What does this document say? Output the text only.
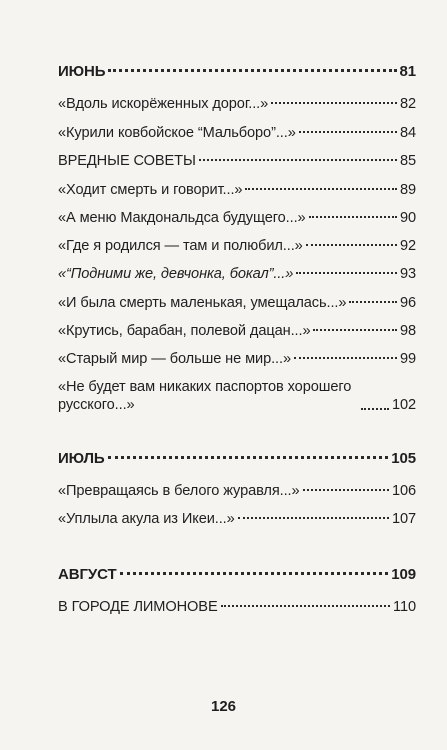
ИЮНЬ	81
«Вдоль искорёженных дорог...»	82
«Курили ковбойское “Мальборо”...»	84
ВРЕДНЫЕ СОВЕТЫ	85
«Ходит смерть и говорит...»	89
«А меню Макдональдса будущего...»	90
«Где я родился — там и полюбил...»	92
«“Подними же, девчонка, бокал”...»	93
«И была смерть маленькая, умещалась...»	96
«Крутись, барабан, полевой дацан...»	98
«Старый мир — больше не мир...»	99
«Не будет вам никаких паспортов хорошего русского...»	102
ИЮЛЬ	105
«Превращаясь в белого журавля...»	106
«Уплыла акула из Икеи...»	107
АВГУСТ	109
В ГОРОДЕ ЛИМОНОВЕ	110
126
